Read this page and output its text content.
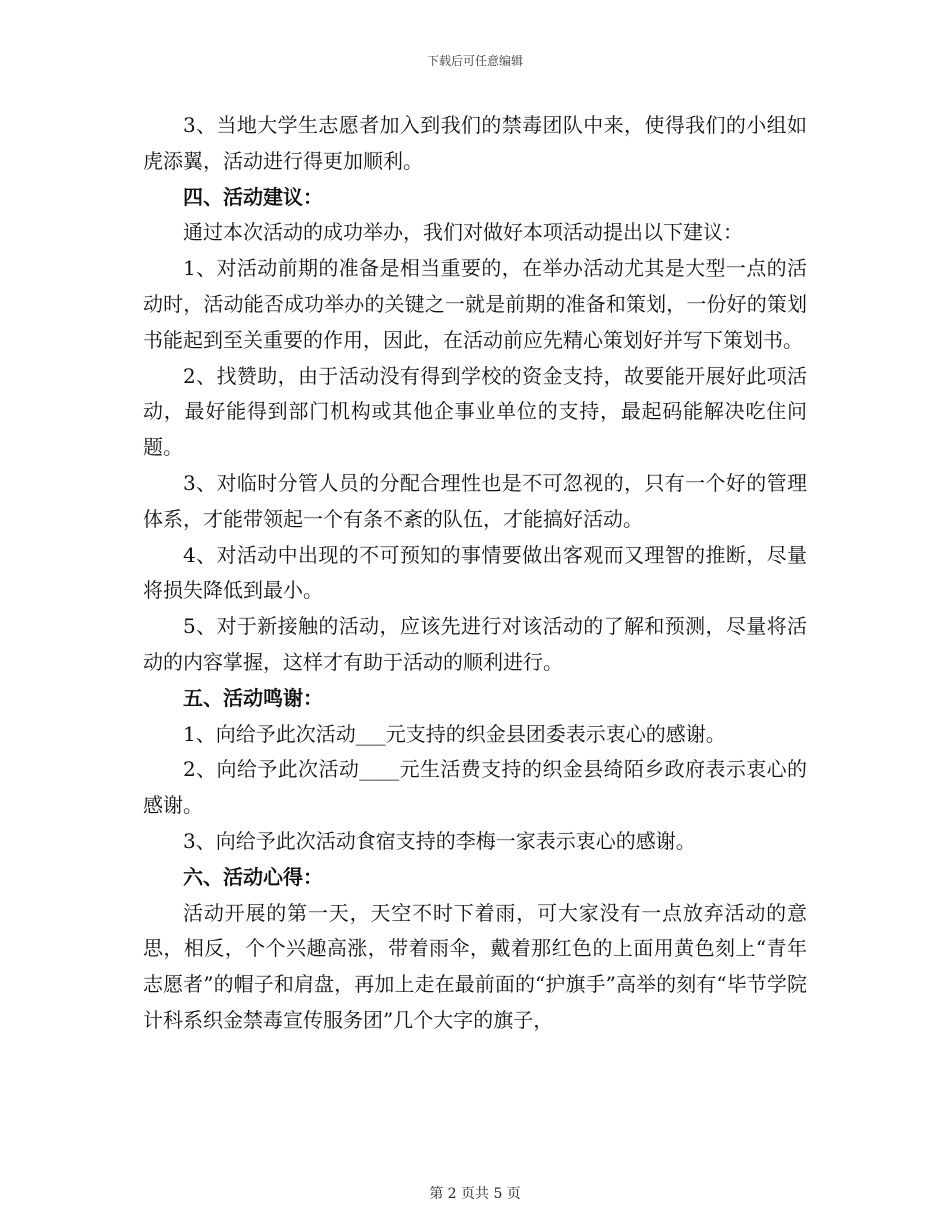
下载后可任意编辑

3、当地大学生志愿者加入到我们的禁毒团队中来，使得我们的小组如虎添翼，活动进行得更加顺利。

四、活动建议：

通过本次活动的成功举办，我们对做好本项活动提出以下建议：

1、对活动前期的准备是相当重要的，在举办活动尤其是大型一点的活动时，活动能否成功举办的关键之一就是前期的准备和策划，一份好的策划书能起到至关重要的作用，因此，在活动前应先精心策划好并写下策划书。

2、找赞助，由于活动没有得到学校的资金支持，故要能开展好此项活动，最好能得到部门机构或其他企事业单位的支持，最起码能解决吃住问题。

3、对临时分管人员的分配合理性也是不可忽视的，只有一个好的管理体系，才能带领起一个有条不紊的队伍，才能搞好活动。

4、对活动中出现的不可预知的事情要做出客观而又理智的推断，尽量将损失降低到最小。

5、对于新接触的活动，应该先进行对该活动的了解和预测，尽量将活动的内容掌握，这样才有助于活动的顺利进行。

五、活动鸣谢：

1、向给予此次活动___元支持的织金县团委表示衷心的感谢。

2、向给予此次活动____元生活费支持的织金县绮陌乡政府表示衷心的感谢。

3、向给予此次活动食宿支持的李梅一家表示衷心的感谢。

六、活动心得：

活动开展的第一天，天空不时下着雨，可大家没有一点放弃活动的意思，相反，个个兴趣高涨，带着雨伞，戴着那红色的上面用黄色刻上“青年志愿者”的帽子和肩盘，再加上走在最前面的“护旗手”高举的刻有“毕节学院计科系织金禁毒宣传服务团”几个大字的旗子，

第 2 页共 5 页
